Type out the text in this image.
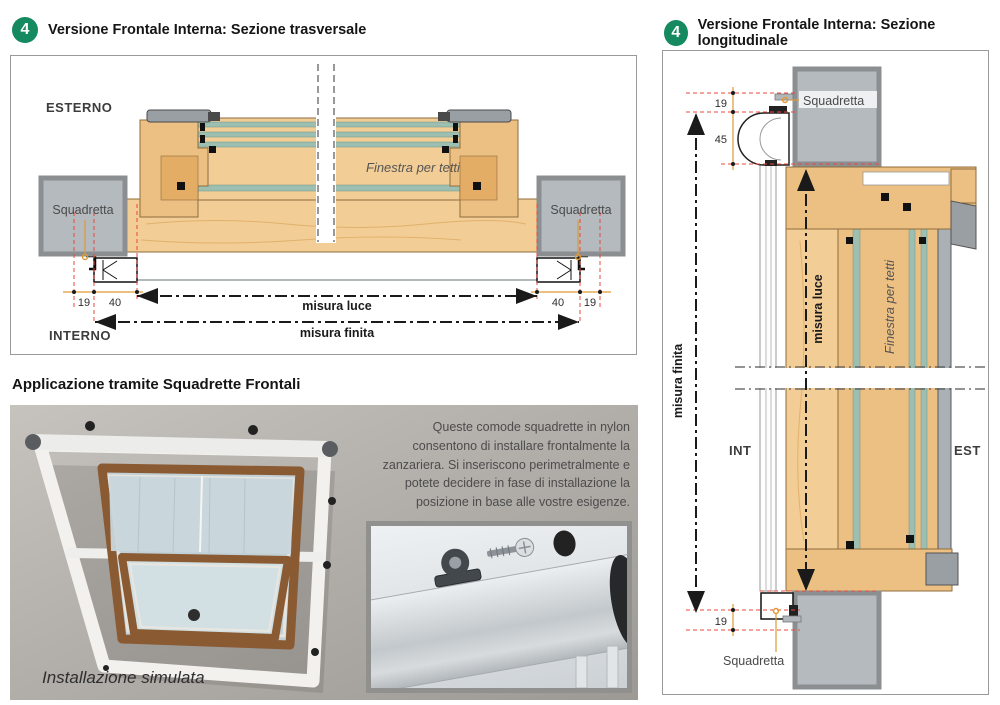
4	Versione Frontale Interna: Sezione trasversale
ESTERNO
INTERNO
Squadretta	Squadretta
Finestra per tetti
19 40	40 19
misura luce
misura finita
Applicazione tramite Squadrette Frontali
Queste comode squadrette in nylon consentono di installare frontalmente la zanzariera. Si inseriscono perimetralmente e potete decidere in fase di installazione la posizione in base alle vostre esigenze.
Installazione simulata
4	Versione Frontale Interna: Sezione longitudinale
Squadretta
Squadretta
19
45
19
misura finita
misura luce	Finestra per tetti
INT	EST
